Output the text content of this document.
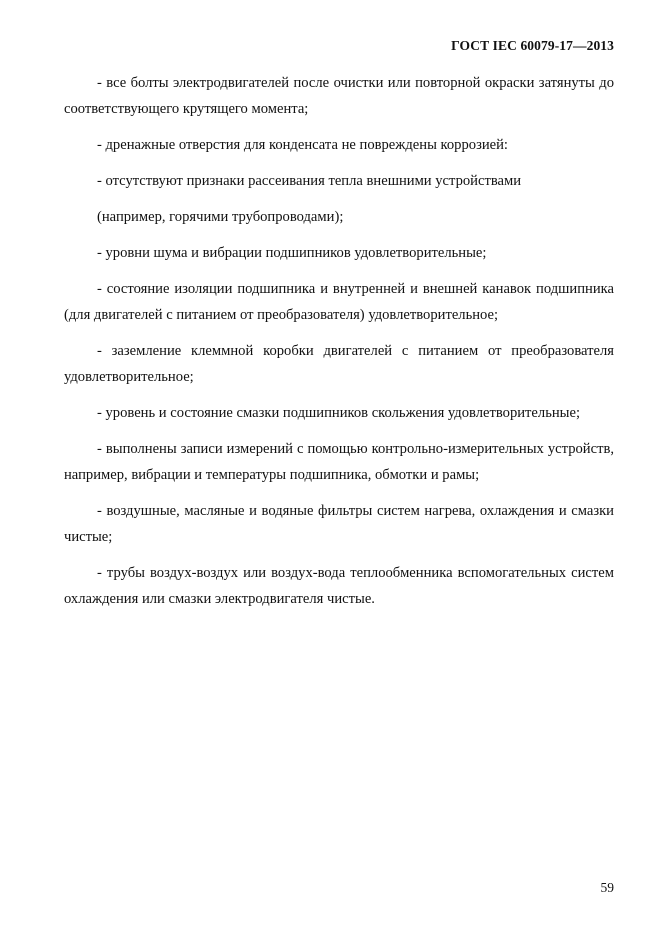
ГОСТ IEC 60079-17—2013

- все болты электродвигателей после очистки или повторной окраски затянуты до соответствующего крутящего момента;

- дренажные отверстия для конденсата не повреждены коррозией:

- отсутствуют признаки рассеивания тепла внешними устройствами

(например, горячими трубопроводами);

- уровни шума и вибрации подшипников удовлетворительные;

- состояние изоляции подшипника и внутренней и внешней канавок подшипника (для двигателей с питанием от преобразователя) удовлетворительное;

- заземление клеммной коробки двигателей с питанием от преобразователя удовлетворительное;

- уровень и состояние смазки подшипников скольжения удовлетворительные;

- выполнены записи измерений с помощью контрольно-измерительных устройств, например, вибрации и температуры подшипника, обмотки и рамы;

- воздушные, масляные и водяные фильтры систем нагрева, охлаждения и смазки чистые;

- трубы воздух-воздух или воздух-вода теплообменника вспомогательных систем охлаждения или смазки электродвигателя чистые.

59
